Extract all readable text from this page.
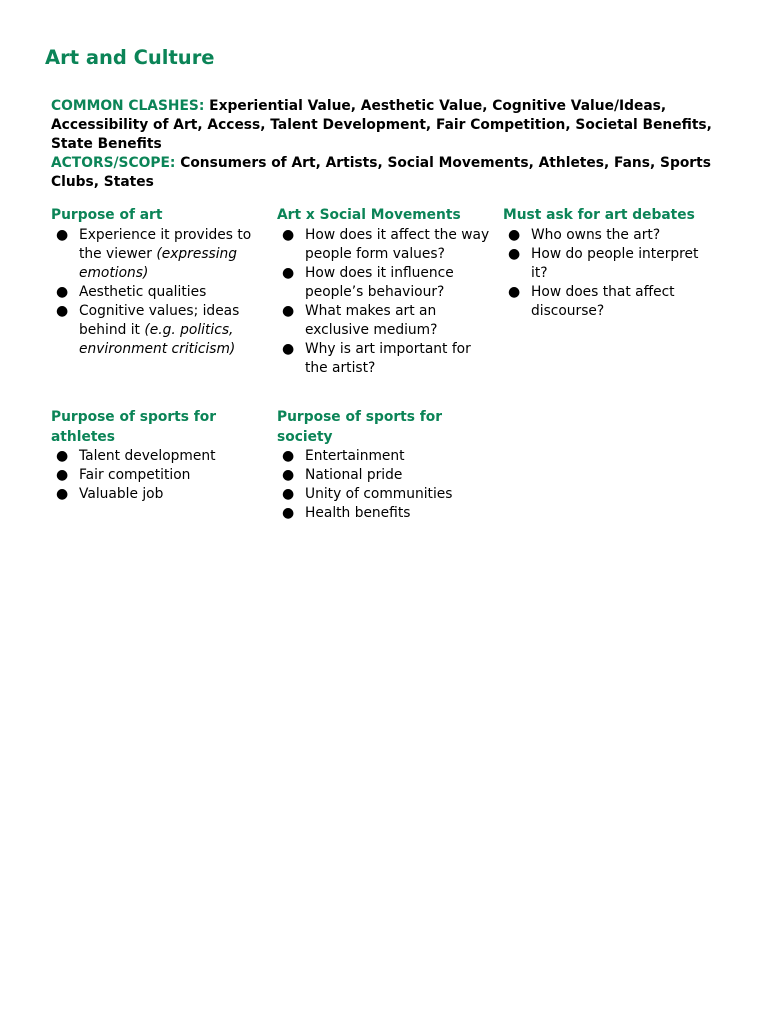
Art and Culture
COMMON CLASHES: Experiential Value, Aesthetic Value, Cognitive Value/Ideas, Accessibility of Art, Access, Talent Development, Fair Competition, Societal Benefits, State Benefits
ACTORS/SCOPE: Consumers of Art, Artists, Social Movements, Athletes, Fans, Sports Clubs, States
Purpose of art
● Experience it provides to the viewer (expressing emotions)
● Aesthetic qualities
● Cognitive values; ideas behind it (e.g. politics, environment criticism)
Art x Social Movements
● How does it affect the way people form values?
● How does it influence people’s behaviour?
● What makes art an exclusive medium?
● Why is art important for the artist?
Must ask for art debates
● Who owns the art?
● How do people interpret it?
● How does that affect discourse?
Purpose of sports for athletes
● Talent development
● Fair competition
● Valuable job
Purpose of sports for society
● Entertainment
● National pride
● Unity of communities
● Health benefits
